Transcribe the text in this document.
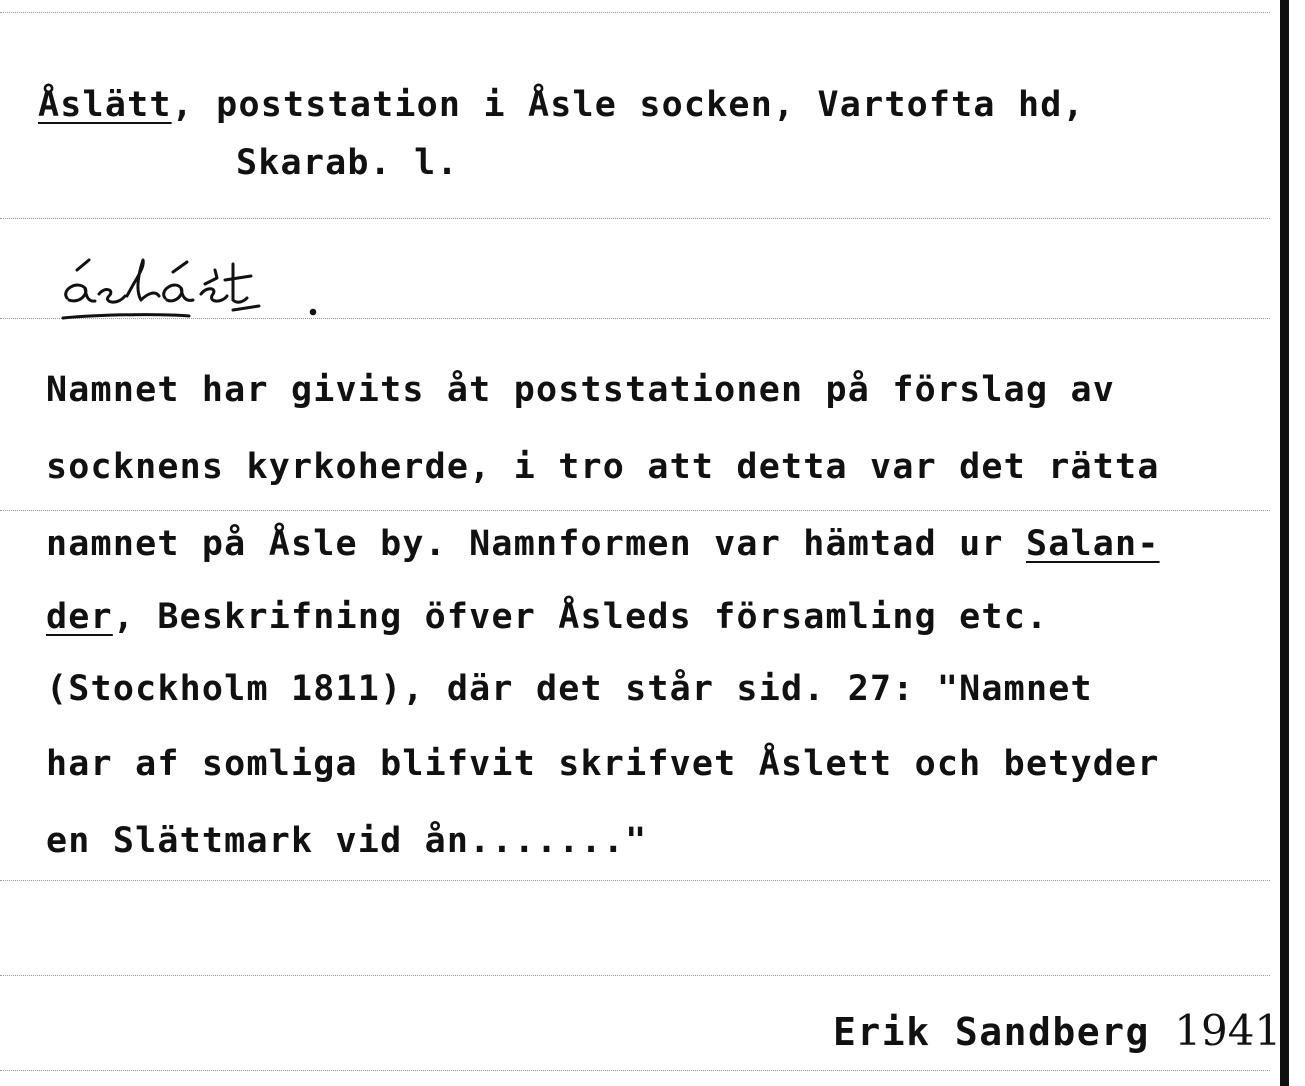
Åslätt, poststation i Åsle socken, Vartofta hd,
Skarab. l.
Namnet har givits åt poststationen på förslag av
socknens kyrkoherde, i tro att detta var det rätta
namnet på Åsle by. Namnformen var hämtad ur Salan-
der, Beskrifning öfver Åsleds församling etc.
(Stockholm 1811), där det står sid. 27: "Namnet
har af somliga blifvit skrifvet Åslett och betyder
en Slättmark vid ån......."
Erik Sandberg 1941
